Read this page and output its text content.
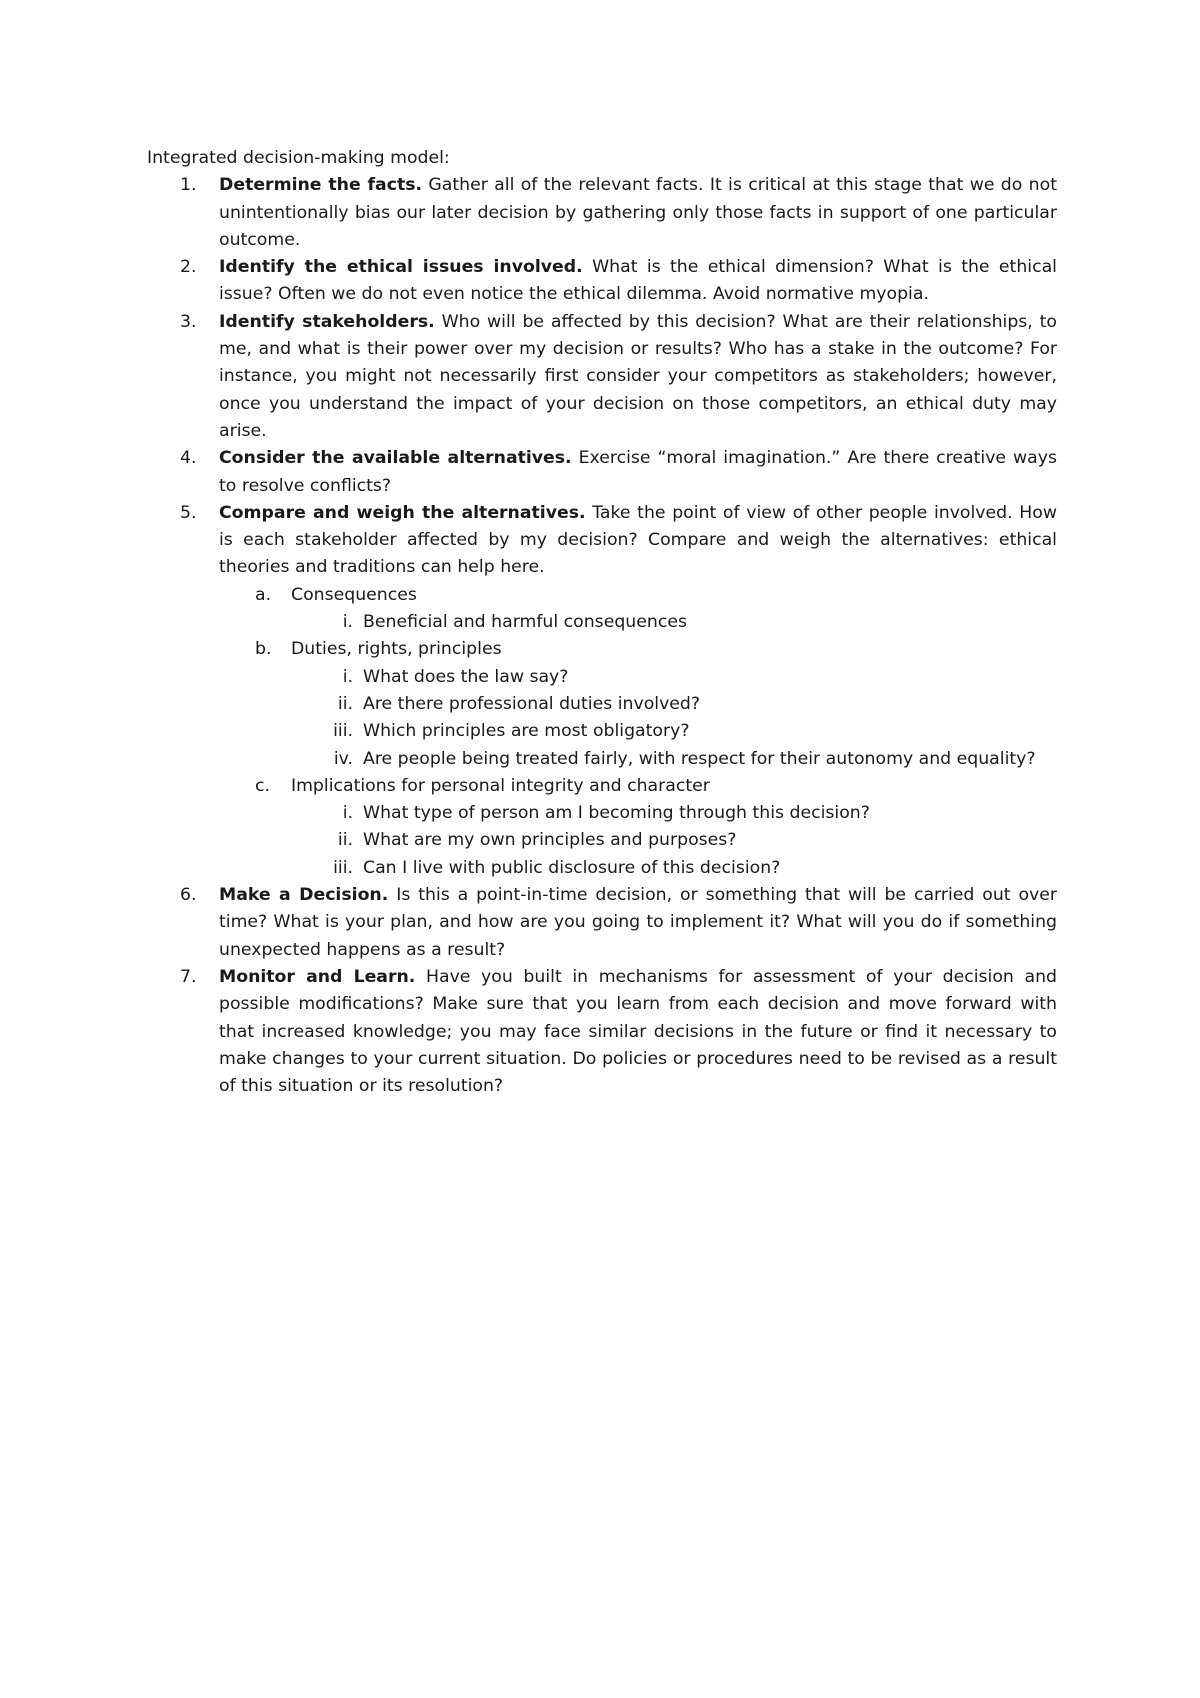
Integrated decision-making model:

1. Determine the facts. Gather all of the relevant facts. It is critical at this stage that we do not unintentionally bias our later decision by gathering only those facts in support of one particular outcome.
2. Identify the ethical issues involved. What is the ethical dimension? What is the ethical issue? Often we do not even notice the ethical dilemma. Avoid normative myopia.
3. Identify stakeholders. Who will be affected by this decision? What are their relationships, to me, and what is their power over my decision or results? Who has a stake in the outcome? For instance, you might not necessarily first consider your competitors as stakeholders; however, once you understand the impact of your decision on those competitors, an ethical duty may arise.
4. Consider the available alternatives. Exercise “moral imagination.” Are there creative ways to resolve conflicts?
5. Compare and weigh the alternatives. Take the point of view of other people involved. How is each stakeholder affected by my decision? Compare and weigh the alternatives: ethical theories and traditions can help here.
a. Consequences
i. Beneficial and harmful consequences
b. Duties, rights, principles
i. What does the law say?
ii. Are there professional duties involved?
iii. Which principles are most obligatory?
iv. Are people being treated fairly, with respect for their autonomy and equality?
c. Implications for personal integrity and character
i. What type of person am I becoming through this decision?
ii. What are my own principles and purposes?
iii. Can I live with public disclosure of this decision?
6. Make a Decision. Is this a point-in-time decision, or something that will be carried out over time? What is your plan, and how are you going to implement it? What will you do if something unexpected happens as a result?
7. Monitor and Learn. Have you built in mechanisms for assessment of your decision and possible modifications? Make sure that you learn from each decision and move forward with that increased knowledge; you may face similar decisions in the future or find it necessary to make changes to your current situation. Do policies or procedures need to be revised as a result of this situation or its resolution?
